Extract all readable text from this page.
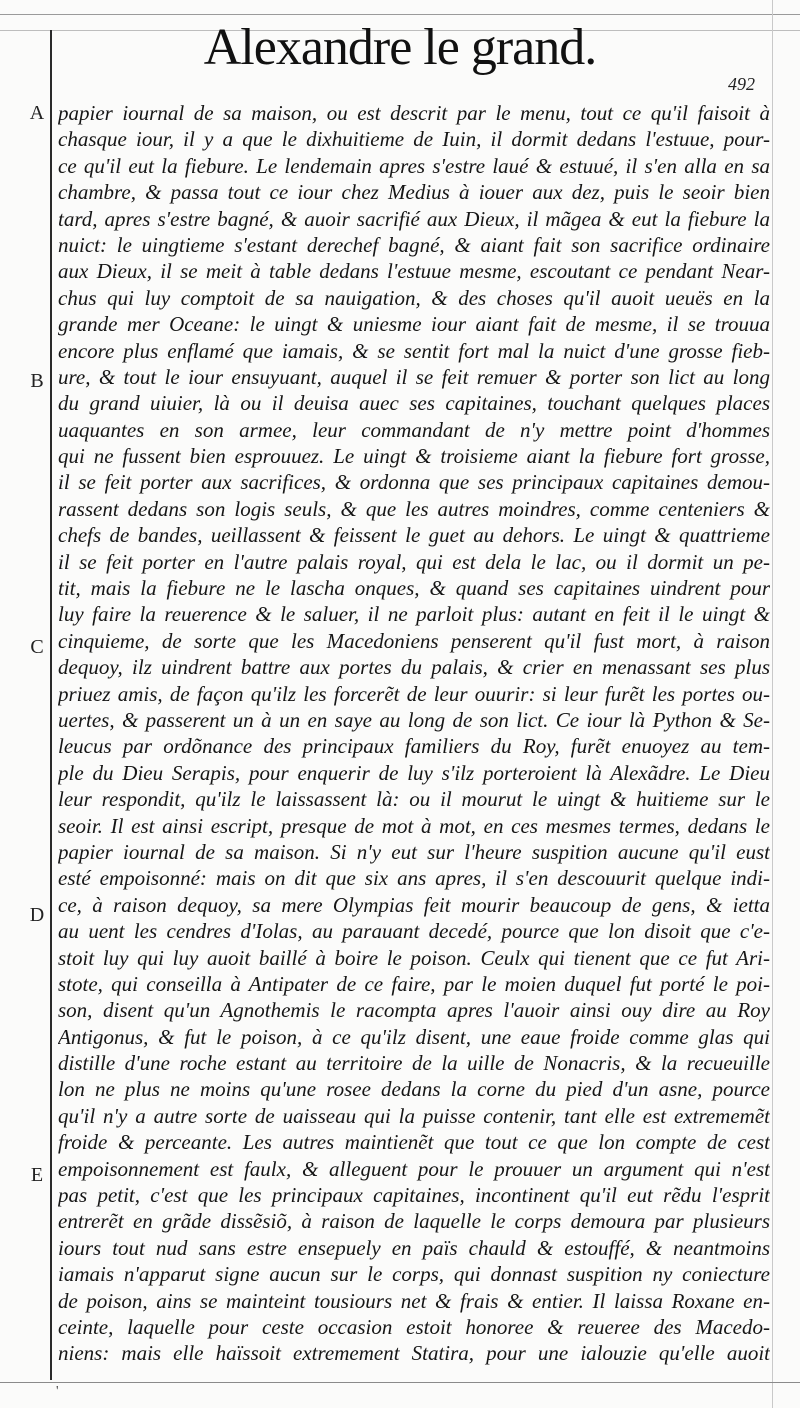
Alexandre le grand.
492
A
B
C
D
E
papier iournal de sa maison, ou est descrit par le menu, tout ce qu'il faisoit à
chasque iour, il y a que le dixhuitieme de Iuin, il dormit dedans l'estuue, pour-
ce qu'il eut la fiebure. Le lendemain apres s'estre laué & estuué, il s'en alla en sa
chambre, & passa tout ce iour chez Medius à iouer aux dez, puis le seoir bien
tard, apres s'estre bagné, & auoir sacrifié aux Dieux, il mãgea & eut la fiebure la
nuict: le uingtieme s'estant derechef bagné, & aiant fait son sacrifice ordinaire
aux Dieux, il se meit à table dedans l'estuue mesme, escoutant ce pendant Near-
chus qui luy comptoit de sa nauigation, & des choses qu'il auoit ueuës en la
grande mer Oceane: le uingt & uniesme iour aiant fait de mesme, il se trouua
encore plus enflamé que iamais, & se sentit fort mal la nuict d'une grosse fieb-
ure, & tout le iour ensuyuant, auquel il se feit remuer & porter son lict au long
du grand uiuier, là ou il deuisa auec ses capitaines, touchant quelques places
uaquantes en son armee, leur commandant de n'y mettre point d'hommes
qui ne fussent bien esprouuez. Le uingt & troisieme aiant la fiebure fort grosse,
il se feit porter aux sacrifices, & ordonna que ses principaux capitaines demou-
rassent dedans son logis seuls, & que les autres moindres, comme centeniers &
chefs de bandes, ueillassent & feissent le guet au dehors. Le uingt & quattrieme
il se feit porter en l'autre palais royal, qui est dela le lac, ou il dormit un pe-
tit, mais la fiebure ne le lascha onques, & quand ses capitaines uindrent pour
luy faire la reuerence & le saluer, il ne parloit plus: autant en feit il le uingt &
cinquieme, de sorte que les Macedoniens penserent qu'il fust mort, à raison
dequoy, ilz uindrent battre aux portes du palais, & crier en menassant ses plus
priuez amis, de façon qu'ilz les forcerẽt de leur ouurir: si leur furẽt les portes ou-
uertes, & passerent un à un en saye au long de son lict. Ce iour là Python & Se-
leucus par ordõnance des principaux familiers du Roy, furẽt enuoyez au tem-
ple du Dieu Serapis, pour enquerir de luy s'ilz porteroient là Alexãdre. Le Dieu
leur respondit, qu'ilz le laissassent là: ou il mourut le uingt & huitieme sur le
seoir. Il est ainsi escript, presque de mot à mot, en ces mesmes termes, dedans le
papier iournal de sa maison. Si n'y eut sur l'heure suspition aucune qu'il eust
esté empoisonné: mais on dit que six ans apres, il s'en descouurit quelque indi-
ce, à raison dequoy, sa mere Olympias feit mourir beaucoup de gens, & ietta
au uent les cendres d'Iolas, au parauant decedé, pource que lon disoit que c'e-
stoit luy qui luy auoit baillé à boire le poison. Ceulx qui tienent que ce fut Ari-
stote, qui conseilla à Antipater de ce faire, par le moien duquel fut porté le poi-
son, disent qu'un Agnothemis le racompta apres l'auoir ainsi ouy dire au Roy
Antigonus, & fut le poison, à ce qu'ilz disent, une eaue froide comme glas qui
distille d'une roche estant au territoire de la uille de Nonacris, & la recueuille
lon ne plus ne moins qu'une rosee dedans la corne du pied d'un asne, pource
qu'il n'y a autre sorte de uaisseau qui la puisse contenir, tant elle est extrememẽt
froide & perceante. Les autres maintienẽt que tout ce que lon compte de cest
empoisonnement est faulx, & alleguent pour le prouuer un argument qui n'est
pas petit, c'est que les principaux capitaines, incontinent qu'il eut rẽdu l'esprit
entrerẽt en grãde dissẽsiõ, à raison de laquelle le corps demoura par plusieurs
iours tout nud sans estre ensepuely en païs chauld & estouffé, & neantmoins
iamais n'apparut signe aucun sur le corps, qui donnast suspition ny coniecture
de poison, ains se mainteint tousiours net & frais & entier. Il laissa Roxane en-
ceinte, laquelle pour ceste occasion estoit honoree & reueree des Macedo-
niens: mais elle haïssoit extremement Statira, pour une ialouzie qu'elle auoit
'
